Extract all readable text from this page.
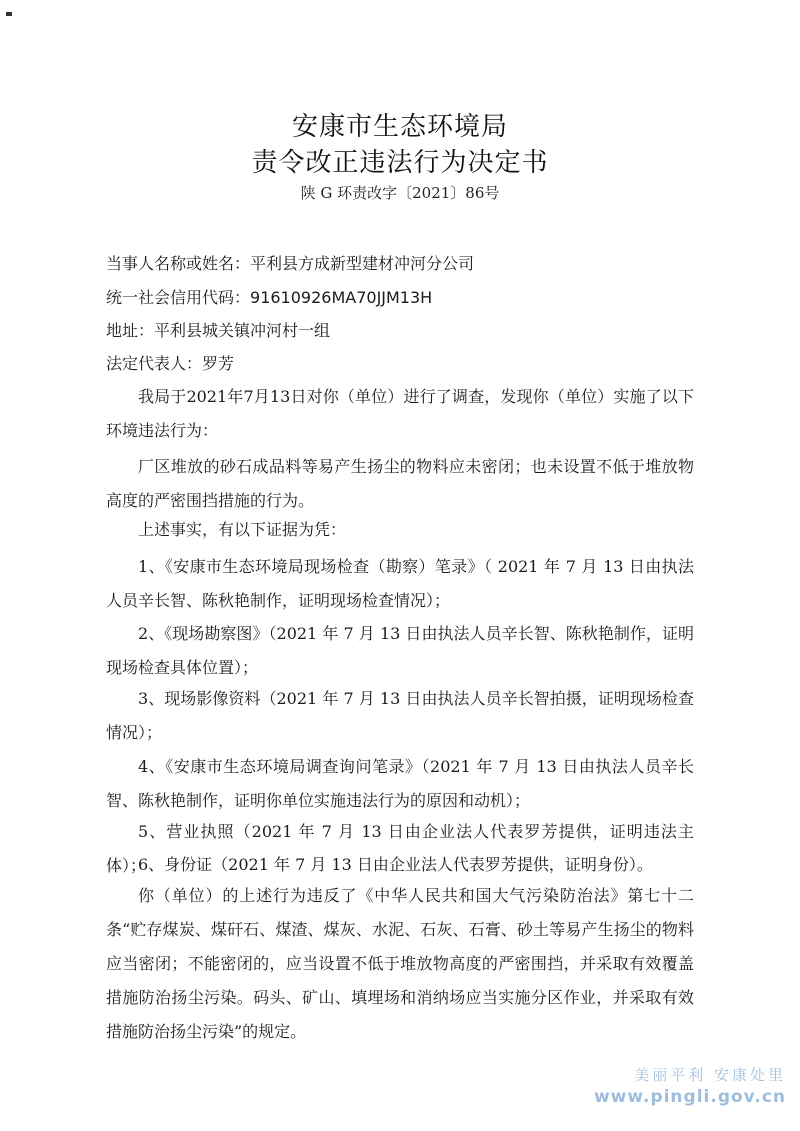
安康市生态环境局
责令改正违法行为决定书
陕 G 环责改字〔2021〕86号
当事人名称或姓名：平利县方成新型建材冲河分公司
统一社会信用代码：91610926MA70JJM13H
地址：平利县城关镇冲河村一组
法定代表人：罗芳
我局于2021年7月13日对你（单位）进行了调查，发现你（单位）实施了以下环境违法行为：
厂区堆放的砂石成品料等易产生扬尘的物料应未密闭；也未设置不低于堆放物高度的严密围挡措施的行为。
上述事实，有以下证据为凭：
1、《安康市生态环境局现场检查（勘察）笔录》（ 2021 年 7 月 13 日由执法人员辛长智、陈秋艳制作，证明现场检查情况）；
2、《现场勘察图》（2021 年 7 月 13 日由执法人员辛长智、陈秋艳制作，证明现场检查具体位置）；
3、现场影像资料（2021 年 7 月 13 日由执法人员辛长智拍摄，证明现场检查情况）；
4、《安康市生态环境局调查询问笔录》（2021 年 7 月 13 日由执法人员辛长智、陈秋艳制作，证明你单位实施违法行为的原因和动机）；
5、营业执照（2021 年 7 月 13 日由企业法人代表罗芳提供，证明违法主体）；
6、身份证（2021 年 7 月 13 日由企业法人代表罗芳提供，证明身份）。
你（单位）的上述行为违反了《中华人民共和国大气污染防治法》第七十二条“贮存煤炭、煤矸石、煤渣、煤灰、水泥、石灰、石膏、砂土等易产生扬尘的物料应当密闭；不能密闭的，应当设置不低于堆放物高度的严密围挡，并采取有效覆盖措施防治扬尘污染。码头、矿山、填埋场和消纳场应当实施分区作业，并采取有效措施防治扬尘污染”的规定。
美丽平利 安康处里
www.pingli.gov.cn
